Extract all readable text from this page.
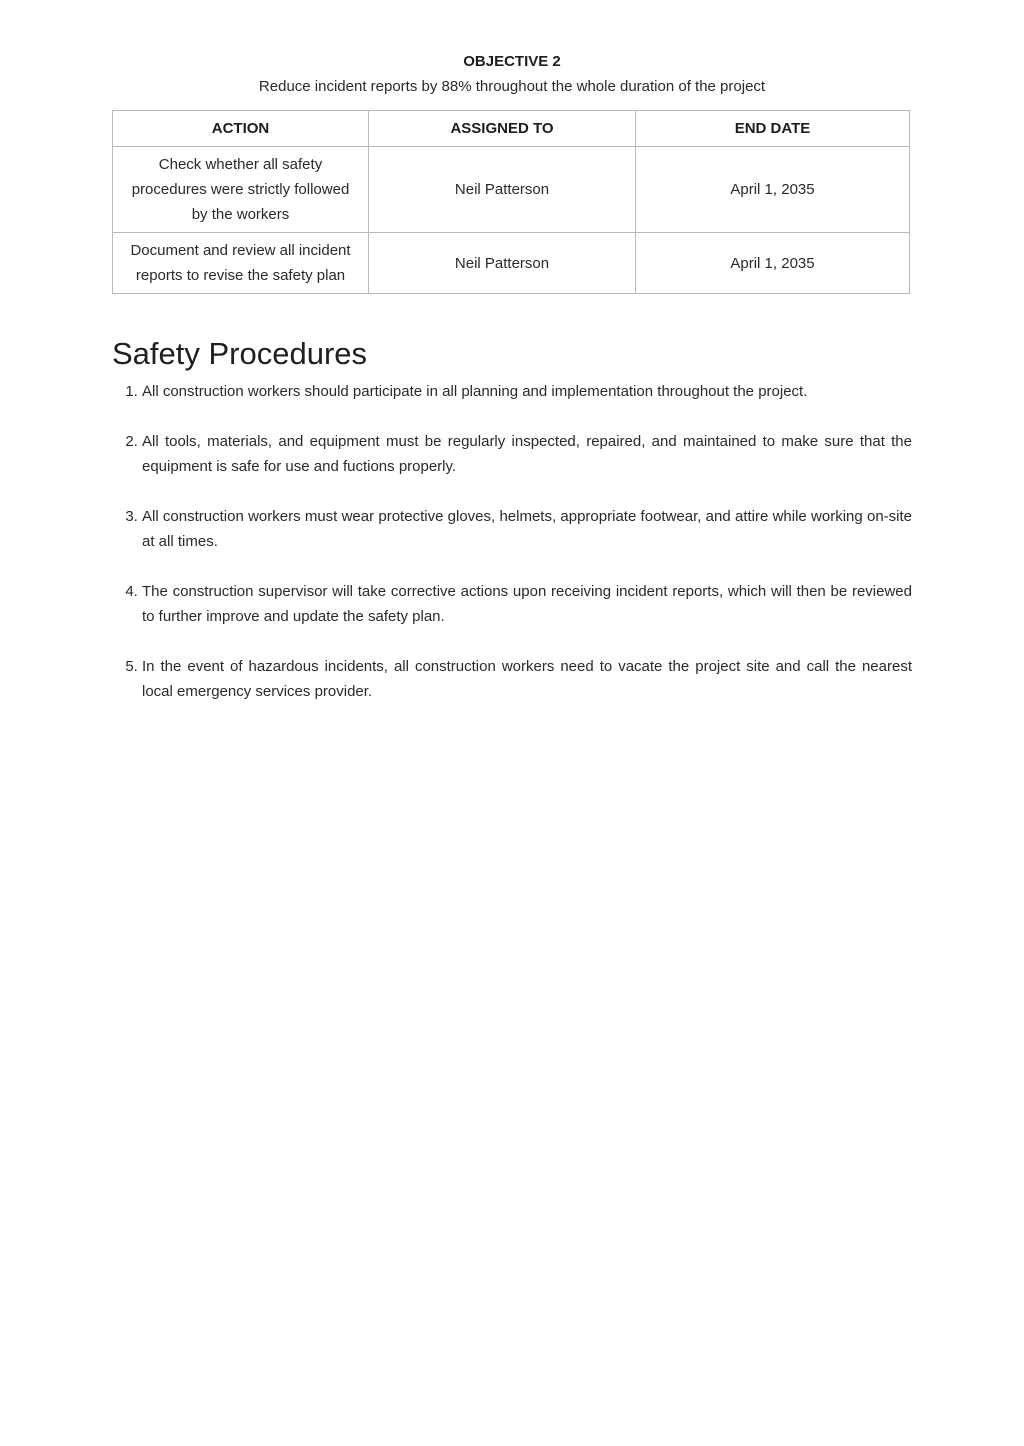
OBJECTIVE 2
Reduce incident reports by 88% throughout the whole duration of the project
ACTION	ASSIGNED TO	END DATE
Check whether all safety procedures were strictly followed by the workers	Neil Patterson	April 1, 2035
Document and review all incident reports to revise the safety plan	Neil Patterson	April 1, 2035
Safety Procedures
1. All construction workers should participate in all planning and implementation throughout the project.
2. All tools, materials, and equipment must be regularly inspected, repaired, and maintained to make sure that the equipment is safe for use and fuctions properly.
3. All construction workers must wear protective gloves, helmets, appropriate footwear, and attire while working on-site at all times.
4. The construction supervisor will take corrective actions upon receiving incident reports, which will then be reviewed to further improve and update the safety plan.
5. In the event of hazardous incidents, all construction workers need to vacate the project site and call the nearest local emergency services provider.
